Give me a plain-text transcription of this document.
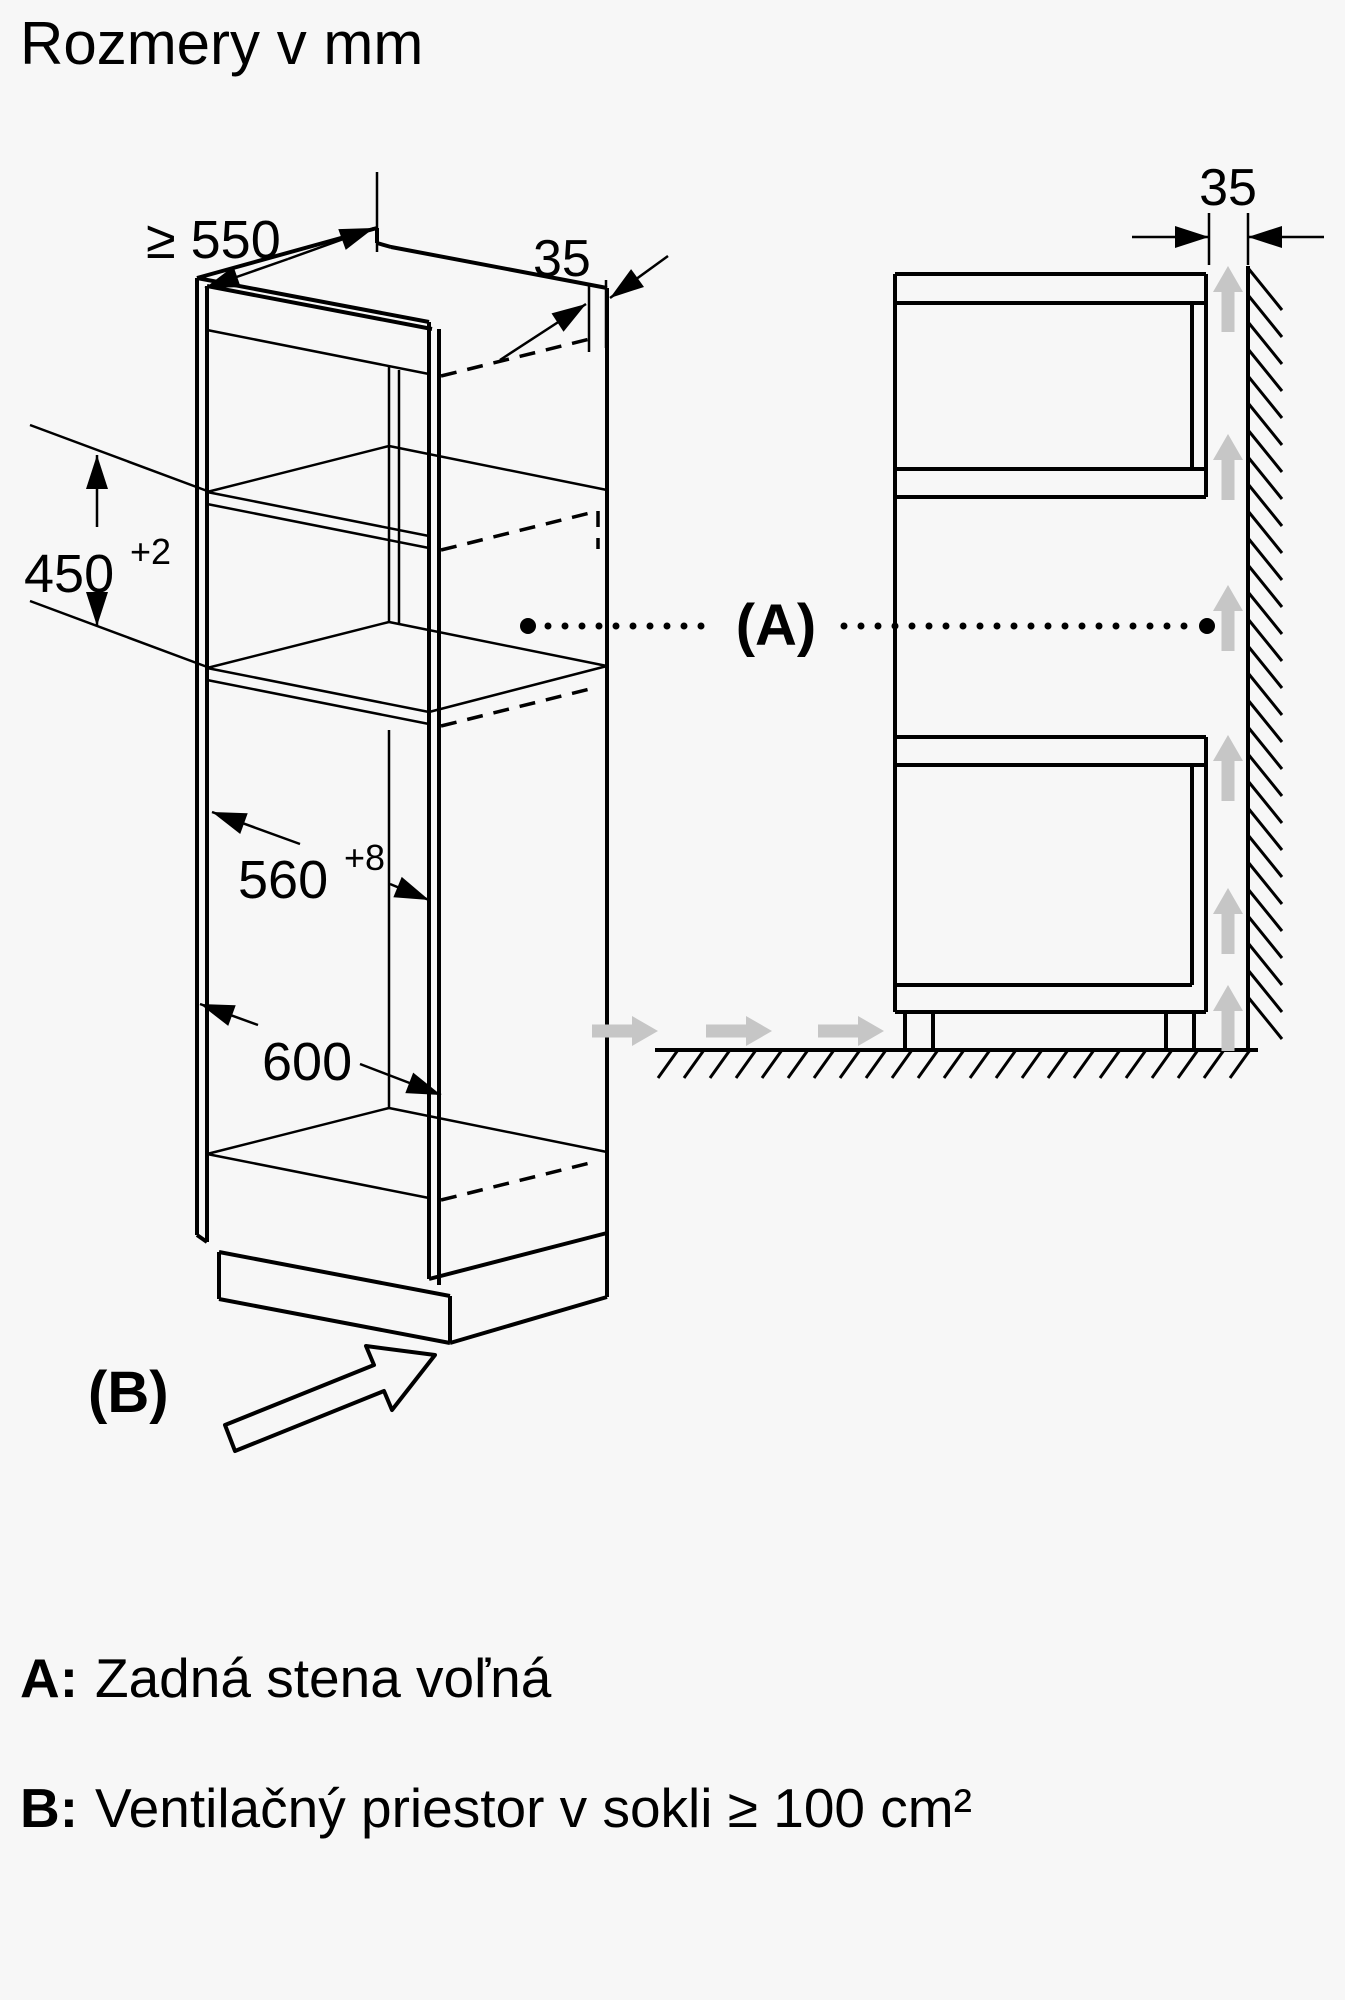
Rozmery v mm
≥ 550	35
450 +2
560 +8
600
(B)
(A)
35
A: Zadná stena voľná
B: Ventilačný priestor v sokli ≥ 100 cm²
